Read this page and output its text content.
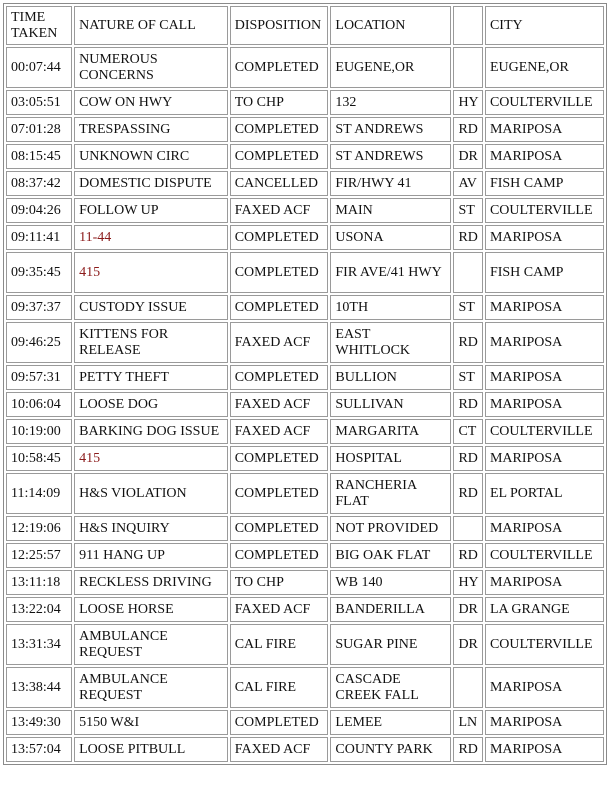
TIME TAKEN	NATURE OF CALL	DISPOSITION	LOCATION		CITY
00:07:44	NUMEROUS CONCERNS	COMPLETED	EUGENE,OR		EUGENE,OR
03:05:51	COW ON HWY	TO CHP	132	HY	COULTERVILLE
07:01:28	TRESPASSING	COMPLETED	ST ANDREWS	RD	MARIPOSA
08:15:45	UNKNOWN CIRC	COMPLETED	ST ANDREWS	DR	MARIPOSA
08:37:42	DOMESTIC DISPUTE	CANCELLED	FIR/HWY 41	AV	FISH CAMP
09:04:26	FOLLOW UP	FAXED ACF	MAIN	ST	COULTERVILLE
09:11:41	11-44	COMPLETED	USONA	RD	MARIPOSA
09:35:45	415	COMPLETED	FIR AVE/41 HWY		FISH CAMP
09:37:37	CUSTODY ISSUE	COMPLETED	10TH	ST	MARIPOSA
09:46:25	KITTENS FOR RELEASE	FAXED ACF	EAST WHITLOCK	RD	MARIPOSA
09:57:31	PETTY THEFT	COMPLETED	BULLION	ST	MARIPOSA
10:06:04	LOOSE DOG	FAXED ACF	SULLIVAN	RD	MARIPOSA
10:19:00	BARKING DOG ISSUE	FAXED ACF	MARGARITA	CT	COULTERVILLE
10:58:45	415	COMPLETED	HOSPITAL	RD	MARIPOSA
11:14:09	H&S VIOLATION	COMPLETED	RANCHERIA FLAT	RD	EL PORTAL
12:19:06	H&S INQUIRY	COMPLETED	NOT PROVIDED		MARIPOSA
12:25:57	911 HANG UP	COMPLETED	BIG OAK FLAT	RD	COULTERVILLE
13:11:18	RECKLESS DRIVING	TO CHP	WB 140	HY	MARIPOSA
13:22:04	LOOSE HORSE	FAXED ACF	BANDERILLA	DR	LA GRANGE
13:31:34	AMBULANCE REQUEST	CAL FIRE	SUGAR PINE	DR	COULTERVILLE
13:38:44	AMBULANCE REQUEST	CAL FIRE	CASCADE CREEK FALL		MARIPOSA
13:49:30	5150 W&I	COMPLETED	LEMEE	LN	MARIPOSA
13:57:04	LOOSE PITBULL	FAXED ACF	COUNTY PARK	RD	MARIPOSA
